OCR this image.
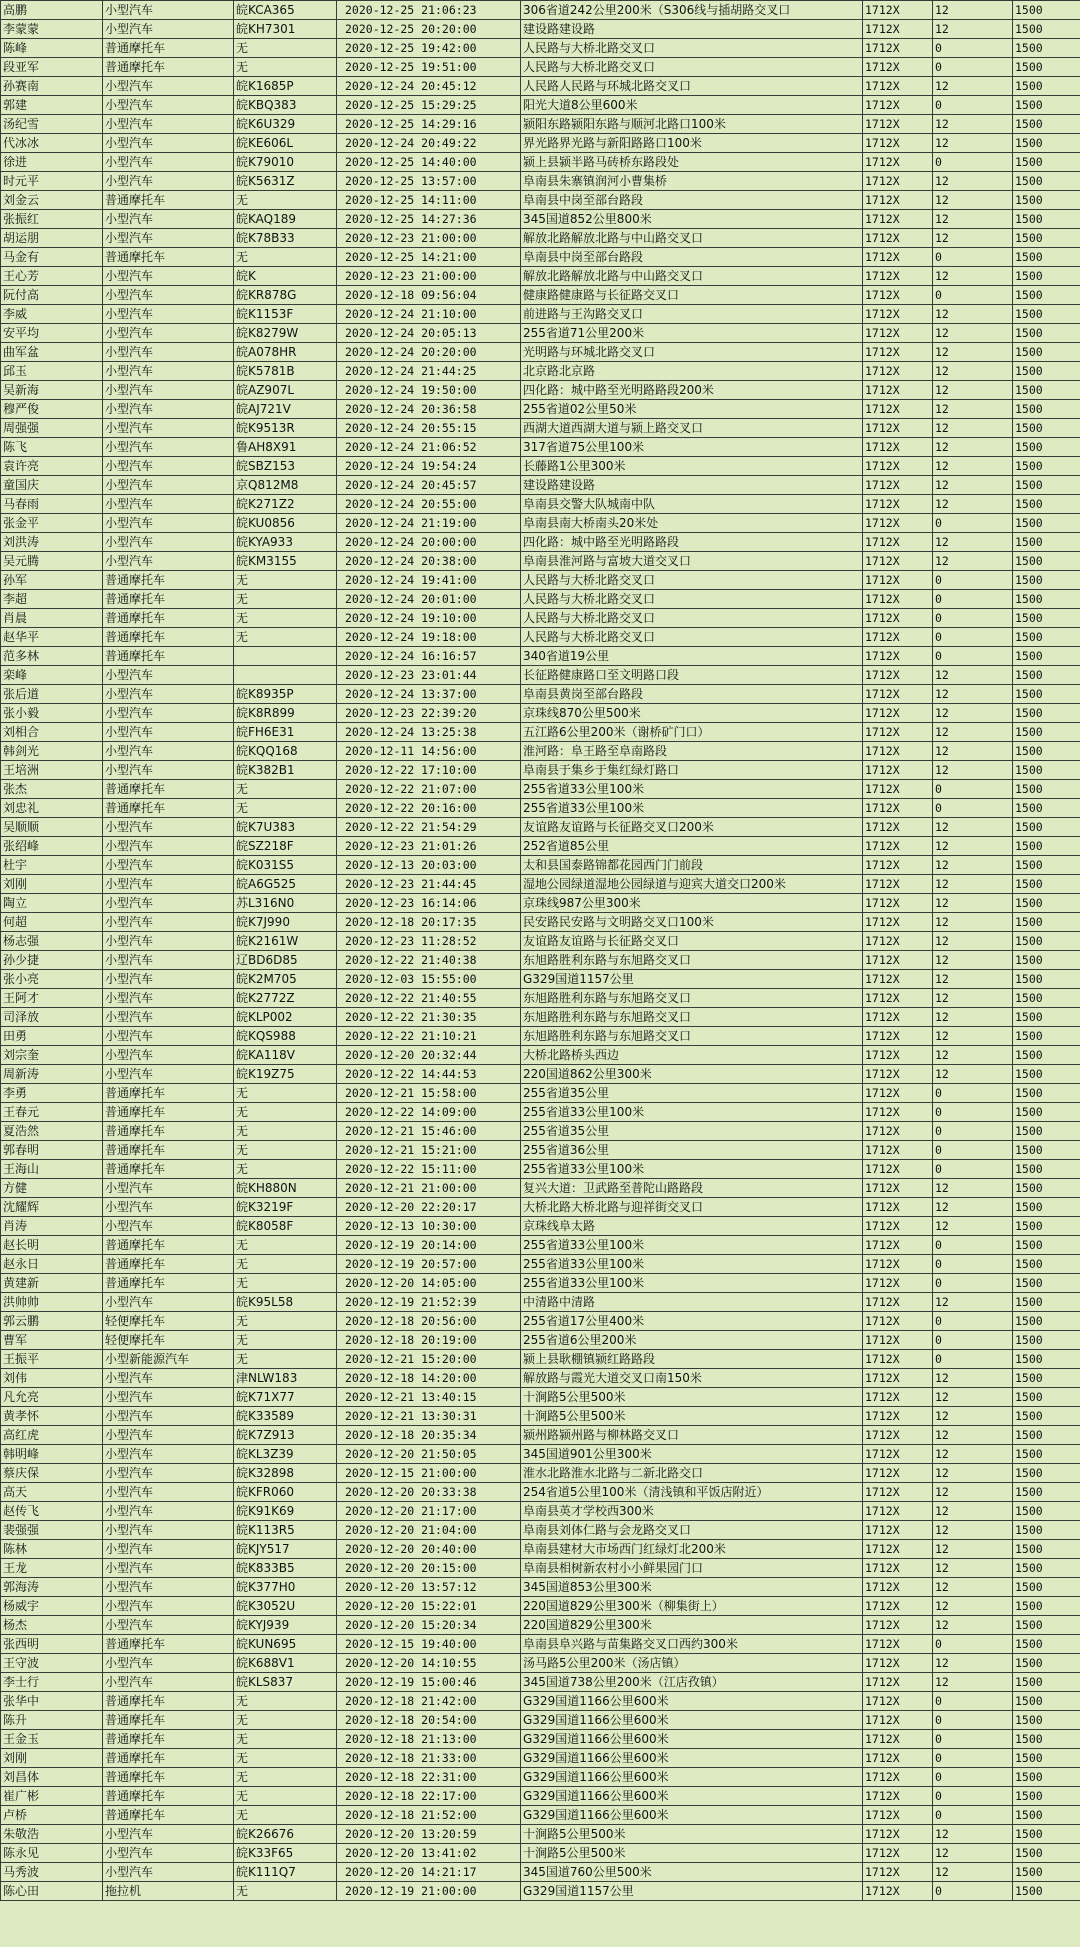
高鹏	小型汽车	皖KCA365	2020-12-25 21:06:23	306省道242公里200米（S306线与插胡路交叉口	1712X	12	1500
李蒙蒙	小型汽车	皖KH7301	2020-12-25 20:20:00	建设路建设路	1712X	12	1500
陈峰	普通摩托车	无	2020-12-25 19:42:00	人民路与大桥北路交叉口	1712X	0	1500
段亚军	普通摩托车	无	2020-12-25 19:51:00	人民路与大桥北路交叉口	1712X	0	1500
孙赛南	小型汽车	皖K1685P	2020-12-24 20:45:12	人民路人民路与环城北路交叉口	1712X	12	1500
郭建	小型汽车	皖KBQ383	2020-12-25 15:29:25	阳光大道8公里600米	1712X	0	1500
汤纪雪	小型汽车	皖K6U329	2020-12-25 14:29:16	颍阳东路颍阳东路与顺河北路口100米	1712X	12	1500
代冰冰	小型汽车	皖KE606L	2020-12-24 20:49:22	界光路界光路与新阳路路口100米	1712X	12	1500
徐进	小型汽车	皖K79010	2020-12-25 14:40:00	颍上县颍半路马砖桥东路段处	1712X	0	1500
时元平	小型汽车	皖K5631Z	2020-12-25 13:57:00	阜南县朱寨镇润河小曹集桥	1712X	12	1500
刘金云	普通摩托车	无	2020-12-25 14:11:00	阜南县中岗至部台路段	1712X	12	1500
张振红	小型汽车	皖KAQ189	2020-12-25 14:27:36	345国道852公里800米	1712X	12	1500
胡运朋	小型汽车	皖K78B33	2020-12-23 21:00:00	解放北路解放北路与中山路交叉口	1712X	12	1500
马金有	普通摩托车	无	2020-12-25 14:21:00	阜南县中岗至部台路段	1712X	0	1500
王心芳	小型汽车	皖K	2020-12-23 21:00:00	解放北路解放北路与中山路交叉口	1712X	12	1500
阮付高	小型汽车	皖KR878G	2020-12-18 09:56:04	健康路健康路与长征路交叉口	1712X	0	1500
李威	小型汽车	皖K1153F	2020-12-24 21:10:00	前进路与王沟路交叉口	1712X	12	1500
安平均	小型汽车	皖K8279W	2020-12-24 20:05:13	255省道71公里200米	1712X	12	1500
曲军盆	小型汽车	皖A078HR	2020-12-24 20:20:00	光明路与环城北路交叉口	1712X	12	1500
邱玉	小型汽车	皖K5781B	2020-12-24 21:44:25	北京路北京路	1712X	12	1500
吴新海	小型汽车	皖AZ907L	2020-12-24 19:50:00	四化路：城中路至光明路路段200米	1712X	12	1500
穆严俊	小型汽车	皖AJ721V	2020-12-24 20:36:58	255省道02公里50米	1712X	12	1500
周强强	小型汽车	皖K9513R	2020-12-24 20:55:15	西湖大道西湖大道与颍上路交叉口	1712X	12	1500
陈飞	小型汽车	鲁AH8X91	2020-12-24 21:06:52	317省道75公里100米	1712X	12	1500
袁许亮	小型汽车	皖SBZ153	2020-12-24 19:54:24	长藤路1公里300米	1712X	12	1500
童国庆	小型汽车	京Q812M8	2020-12-24 20:45:57	建设路建设路	1712X	12	1500
马春雨	小型汽车	皖K271Z2	2020-12-24 20:55:00	阜南县交警大队城南中队	1712X	12	1500
张金平	小型汽车	皖KU0856	2020-12-24 21:19:00	阜南县南大桥南头20米处	1712X	0	1500
刘洪涛	小型汽车	皖KYA933	2020-12-24 20:00:00	四化路：城中路至光明路路段	1712X	12	1500
吴元腾	小型汽车	皖KM3155	2020-12-24 20:38:00	阜南县淮河路与富坡大道交叉口	1712X	12	1500
孙军	普通摩托车	无	2020-12-24 19:41:00	人民路与大桥北路交叉口	1712X	0	1500
李超	普通摩托车	无	2020-12-24 20:01:00	人民路与大桥北路交叉口	1712X	0	1500
肖晨	普通摩托车	无	2020-12-24 19:10:00	人民路与大桥北路交叉口	1712X	0	1500
赵华平	普通摩托车	无	2020-12-24 19:18:00	人民路与大桥北路交叉口	1712X	0	1500
范多林	普通摩托车		2020-12-24 16:16:57	340省道19公里	1712X	0	1500
栾峰	小型汽车		2020-12-23 23:01:44	长征路健康路口至文明路口段	1712X	12	1500
张后道	小型汽车	皖K8935P	2020-12-24 13:37:00	阜南县黄岗至部台路段	1712X	12	1500
张小毅	小型汽车	皖K8R899	2020-12-23 22:39:20	京珠线870公里500米	1712X	12	1500
刘相合	小型汽车	皖FH6E31	2020-12-24 13:25:38	五江路6公里200米（谢桥矿门口）	1712X	12	1500
韩剑光	小型汽车	皖KQQ168	2020-12-11 14:56:00	淮河路：阜王路至阜南路段	1712X	12	1500
王培洲	小型汽车	皖K382B1	2020-12-22 17:10:00	阜南县于集乡于集红绿灯路口	1712X	12	1500
张杰	普通摩托车	无	2020-12-22 21:07:00	255省道33公里100米	1712X	0	1500
刘忠礼	普通摩托车	无	2020-12-22 20:16:00	255省道33公里100米	1712X	0	1500
吴顺顺	小型汽车	皖K7U383	2020-12-22 21:54:29	友谊路友谊路与长征路交叉口200米	1712X	12	1500
张绍峰	小型汽车	皖SZ218F	2020-12-23 21:01:26	252省道85公里	1712X	12	1500
杜宇	小型汽车	皖K031S5	2020-12-13 20:03:00	太和县国泰路锦都花园西门门前段	1712X	12	1500
刘刚	小型汽车	皖A6G525	2020-12-23 21:44:45	湿地公园绿道湿地公园绿道与迎宾大道交口200米	1712X	12	1500
陶立	小型汽车	苏L316N0	2020-12-23 16:14:06	京珠线987公里300米	1712X	12	1500
何超	小型汽车	皖K7J990	2020-12-18 20:17:35	民安路民安路与文明路交叉口100米	1712X	12	1500
杨志强	小型汽车	皖K2161W	2020-12-23 11:28:52	友谊路友谊路与长征路交叉口	1712X	12	1500
孙少捷	小型汽车	辽BD6D85	2020-12-22 21:40:38	东旭路胜利东路与东旭路交叉口	1712X	12	1500
张小亮	小型汽车	皖K2M705	2020-12-03 15:55:00	G329国道1157公里	1712X	12	1500
王阿才	小型汽车	皖K2772Z	2020-12-22 21:40:55	东旭路胜利东路与东旭路交叉口	1712X	12	1500
司泽放	小型汽车	皖KLP002	2020-12-22 21:30:35	东旭路胜利东路与东旭路交叉口	1712X	12	1500
田勇	小型汽车	皖KQS988	2020-12-22 21:10:21	东旭路胜利东路与东旭路交叉口	1712X	12	1500
刘宗奎	小型汽车	皖KA118V	2020-12-20 20:32:44	大桥北路桥头西边	1712X	12	1500
周新涛	小型汽车	皖K19Z75	2020-12-22 14:44:53	220国道862公里300米	1712X	12	1500
李勇	普通摩托车	无	2020-12-21 15:58:00	255省道35公里	1712X	0	1500
王春元	普通摩托车	无	2020-12-22 14:09:00	255省道33公里100米	1712X	0	1500
夏浩然	普通摩托车	无	2020-12-21 15:46:00	255省道35公里	1712X	0	1500
郭春明	普通摩托车	无	2020-12-21 15:21:00	255省道36公里	1712X	0	1500
王海山	普通摩托车	无	2020-12-22 15:11:00	255省道33公里100米	1712X	0	1500
方健	小型汽车	皖KH880N	2020-12-21 21:00:00	复兴大道：卫武路至普陀山路路段	1712X	12	1500
沈耀辉	小型汽车	皖K3219F	2020-12-20 22:20:17	大桥北路大桥北路与迎祥街交叉口	1712X	12	1500
肖涛	小型汽车	皖K8058F	2020-12-13 10:30:00	京珠线阜太路	1712X	12	1500
赵长明	普通摩托车	无	2020-12-19 20:14:00	255省道33公里100米	1712X	0	1500
赵永日	普通摩托车	无	2020-12-19 20:57:00	255省道33公里100米	1712X	0	1500
黄建新	普通摩托车	无	2020-12-20 14:05:00	255省道33公里100米	1712X	0	1500
洪帅帅	小型汽车	皖K95L58	2020-12-19 21:52:39	中清路中清路	1712X	12	1500
郭云鹏	轻便摩托车	无	2020-12-18 20:56:00	255省道17公里400米	1712X	0	1500
曹军	轻便摩托车	无	2020-12-18 20:19:00	255省道6公里200米	1712X	0	1500
王振平	小型新能源汽车	无	2020-12-21 15:20:00	颍上县耿棚镇颍红路路段	1712X	0	1500
刘伟	小型汽车	津NLW183	2020-12-18 14:20:00	解放路与霞光大道交叉口南150米	1712X	12	1500
凡允亮	小型汽车	皖K71X77	2020-12-21 13:40:15	十涧路5公里500米	1712X	12	1500
黄孝怀	小型汽车	皖K33589	2020-12-21 13:30:31	十涧路5公里500米	1712X	12	1500
高红虎	小型汽车	皖K7Z913	2020-12-18 20:35:34	颍州路颍州路与柳林路交叉口	1712X	12	1500
韩明峰	小型汽车	皖KL3Z39	2020-12-20 21:50:05	345国道901公里300米	1712X	12	1500
蔡庆保	小型汽车	皖K32898	2020-12-15 21:00:00	淮水北路淮水北路与二新北路交口	1712X	12	1500
高天	小型汽车	皖KFR060	2020-12-20 20:33:38	254省道5公里100米（清浅镇和平饭店附近）	1712X	12	1500
赵传飞	小型汽车	皖K91K69	2020-12-20 21:17:00	阜南县英才学校西300米	1712X	12	1500
裴强强	小型汽车	皖K113R5	2020-12-20 21:04:00	阜南县刘体仁路与会龙路交叉口	1712X	12	1500
陈林	小型汽车	皖KJY517	2020-12-20 20:40:00	阜南县建材大市场西门红绿灯北200米	1712X	12	1500
王龙	小型汽车	皖K833B5	2020-12-20 20:15:00	阜南县相树新农村小小鲜果园门口	1712X	12	1500
郭海涛	小型汽车	皖K377H0	2020-12-20 13:57:12	345国道853公里300米	1712X	12	1500
杨威宇	小型汽车	皖K3052U	2020-12-20 15:22:01	220国道829公里300米（柳集街上）	1712X	12	1500
杨杰	小型汽车	皖KYJ939	2020-12-20 15:20:34	220国道829公里300米	1712X	12	1500
张西明	普通摩托车	皖KUN695	2020-12-15 19:40:00	阜南县阜兴路与苗集路交叉口西约300米	1712X	0	1500
王守波	小型汽车	皖K688V1	2020-12-20 14:10:55	汤马路5公里200米（汤店镇）	1712X	12	1500
李士行	小型汽车	皖KLS837	2020-12-19 15:00:46	345国道738公里200米（江店孜镇）	1712X	12	1500
张华中	普通摩托车	无	2020-12-18 21:42:00	G329国道1166公里600米	1712X	0	1500
陈升	普通摩托车	无	2020-12-18 20:54:00	G329国道1166公里600米	1712X	0	1500
王金玉	普通摩托车	无	2020-12-18 21:13:00	G329国道1166公里600米	1712X	0	1500
刘刚	普通摩托车	无	2020-12-18 21:33:00	G329国道1166公里600米	1712X	0	1500
刘昌体	普通摩托车	无	2020-12-18 22:31:00	G329国道1166公里600米	1712X	0	1500
崔广彬	普通摩托车	无	2020-12-18 22:17:00	G329国道1166公里600米	1712X	0	1500
卢桥	普通摩托车	无	2020-12-18 21:52:00	G329国道1166公里600米	1712X	0	1500
朱敬浩	小型汽车	皖K26676	2020-12-20 13:20:59	十涧路5公里500米	1712X	12	1500
陈永见	小型汽车	皖K33F65	2020-12-20 13:41:02	十涧路5公里500米	1712X	12	1500
马秀波	小型汽车	皖K111Q7	2020-12-20 14:21:17	345国道760公里500米	1712X	12	1500
陈心田	拖拉机	无	2020-12-19 21:00:00	G329国道1157公里	1712X	0	1500
